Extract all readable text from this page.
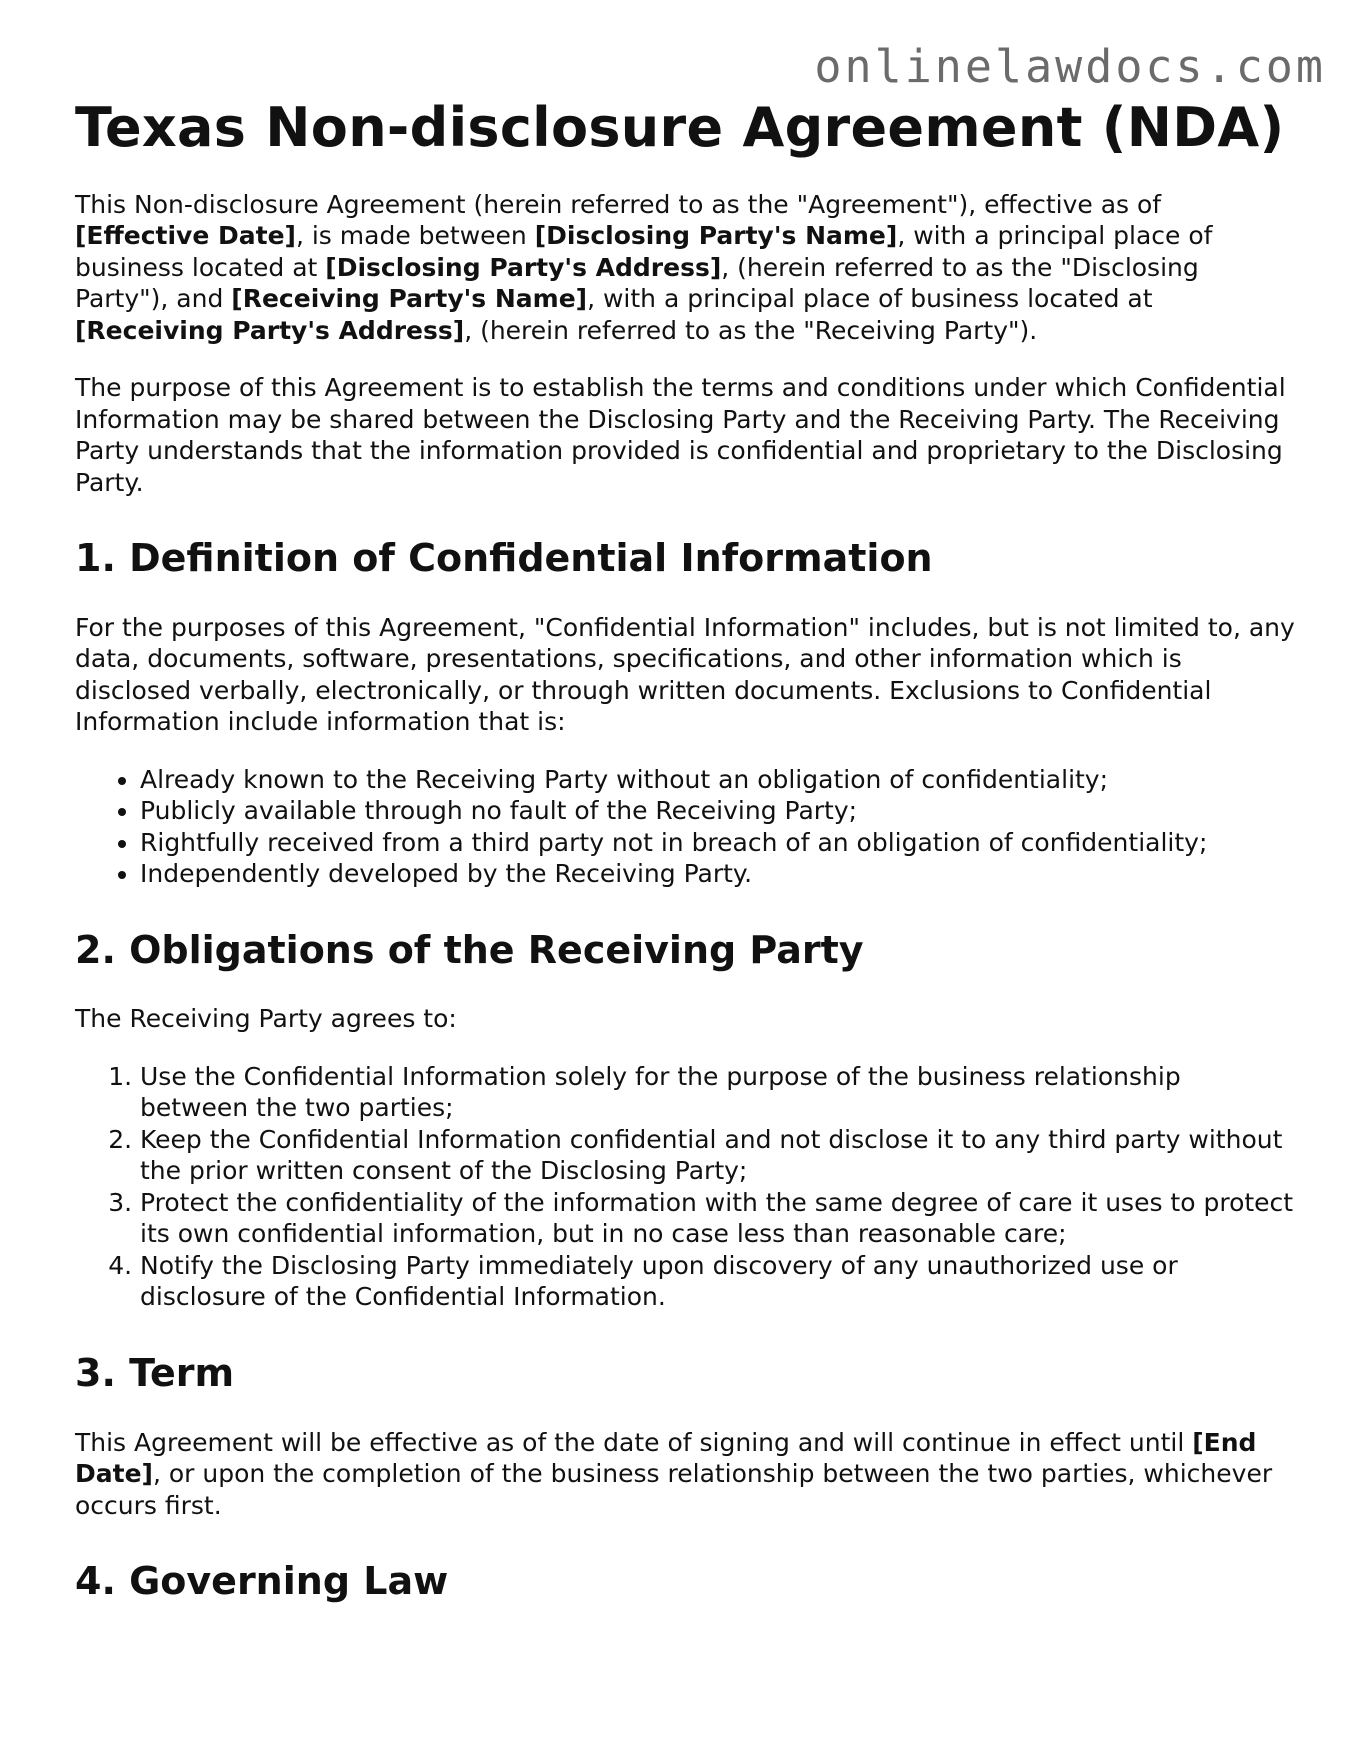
onlinelawdocs.com
Texas Non-disclosure Agreement (NDA)

This Non-disclosure Agreement (herein referred to as the "Agreement"), effective as of [Effective Date], is made between [Disclosing Party's Name], with a principal place of business located at [Disclosing Party's Address], (herein referred to as the "Disclosing Party"), and [Receiving Party's Name], with a principal place of business located at [Receiving Party's Address], (herein referred to as the "Receiving Party").

The purpose of this Agreement is to establish the terms and conditions under which Confidential Information may be shared between the Disclosing Party and the Receiving Party. The Receiving Party understands that the information provided is confidential and proprietary to the Disclosing Party.

1. Definition of Confidential Information

For the purposes of this Agreement, "Confidential Information" includes, but is not limited to, any data, documents, software, presentations, specifications, and other information which is disclosed verbally, electronically, or through written documents. Exclusions to Confidential Information include information that is:

• Already known to the Receiving Party without an obligation of confidentiality;
• Publicly available through no fault of the Receiving Party;
• Rightfully received from a third party not in breach of an obligation of confidentiality;
• Independently developed by the Receiving Party.
2. Obligations of the Receiving Party

The Receiving Party agrees to:

1. Use the Confidential Information solely for the purpose of the business relationship between the two parties;
2. Keep the Confidential Information confidential and not disclose it to any third party without the prior written consent of the Disclosing Party;
3. Protect the confidentiality of the information with the same degree of care it uses to protect its own confidential information, but in no case less than reasonable care;
4. Notify the Disclosing Party immediately upon discovery of any unauthorized use or disclosure of the Confidential Information.
3. Term

This Agreement will be effective as of the date of signing and will continue in effect until [End Date], or upon the completion of the business relationship between the two parties, whichever occurs first.

4. Governing Law
